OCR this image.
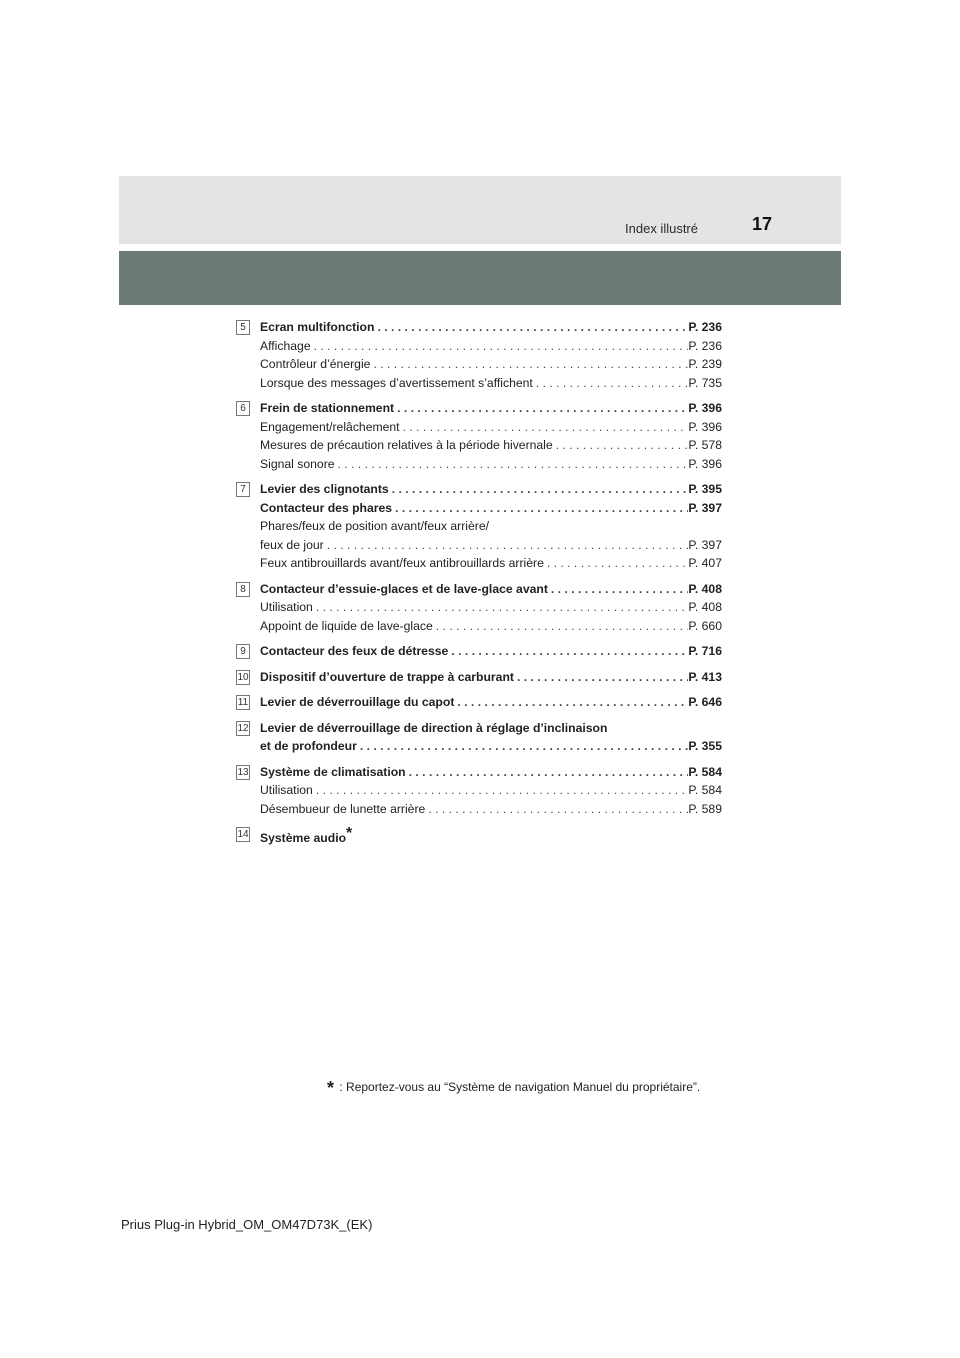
Index illustré	17
5	Ecran multifonction . . .	P. 236
Affichage . . .	P. 236
Contrôleur d’énergie . . .	P. 239
Lorsque des messages d’avertissement s’affichent . . .	P. 735
6	Frein de stationnement . . .	P. 396
Engagement/relâchement . . .	P. 396
Mesures de précaution relatives à la période hivernale . . .	P. 578
Signal sonore . . .	P. 396
7	Levier des clignotants . . .	P. 395
Contacteur des phares . . .	P. 397
Phares/feux de position avant/feux arrière/
feux de jour . . .	P. 397
Feux antibrouillards avant/feux antibrouillards arrière . . .	P. 407
8	Contacteur d’essuie-glaces et de lave-glace avant . . .	P. 408
Utilisation . . .	P. 408
Appoint de liquide de lave-glace . . .	P. 660
9	Contacteur des feux de détresse . . .	P. 716
10 Dispositif d’ouverture de trappe à carburant . . .	P. 413
11 Levier de déverrouillage du capot . . .	P. 646
12 Levier de déverrouillage de direction à réglage d’inclinaison
et de profondeur . . .	P. 355
13 Système de climatisation . . .	P. 584
Utilisation . . .	P. 584
Désembueur de lunette arrière . . .	P. 589
14 Système audio*
* : Reportez-vous au “Système de navigation Manuel du propriétaire”.
Prius Plug-in Hybrid_OM_OM47D73K_(EK)
